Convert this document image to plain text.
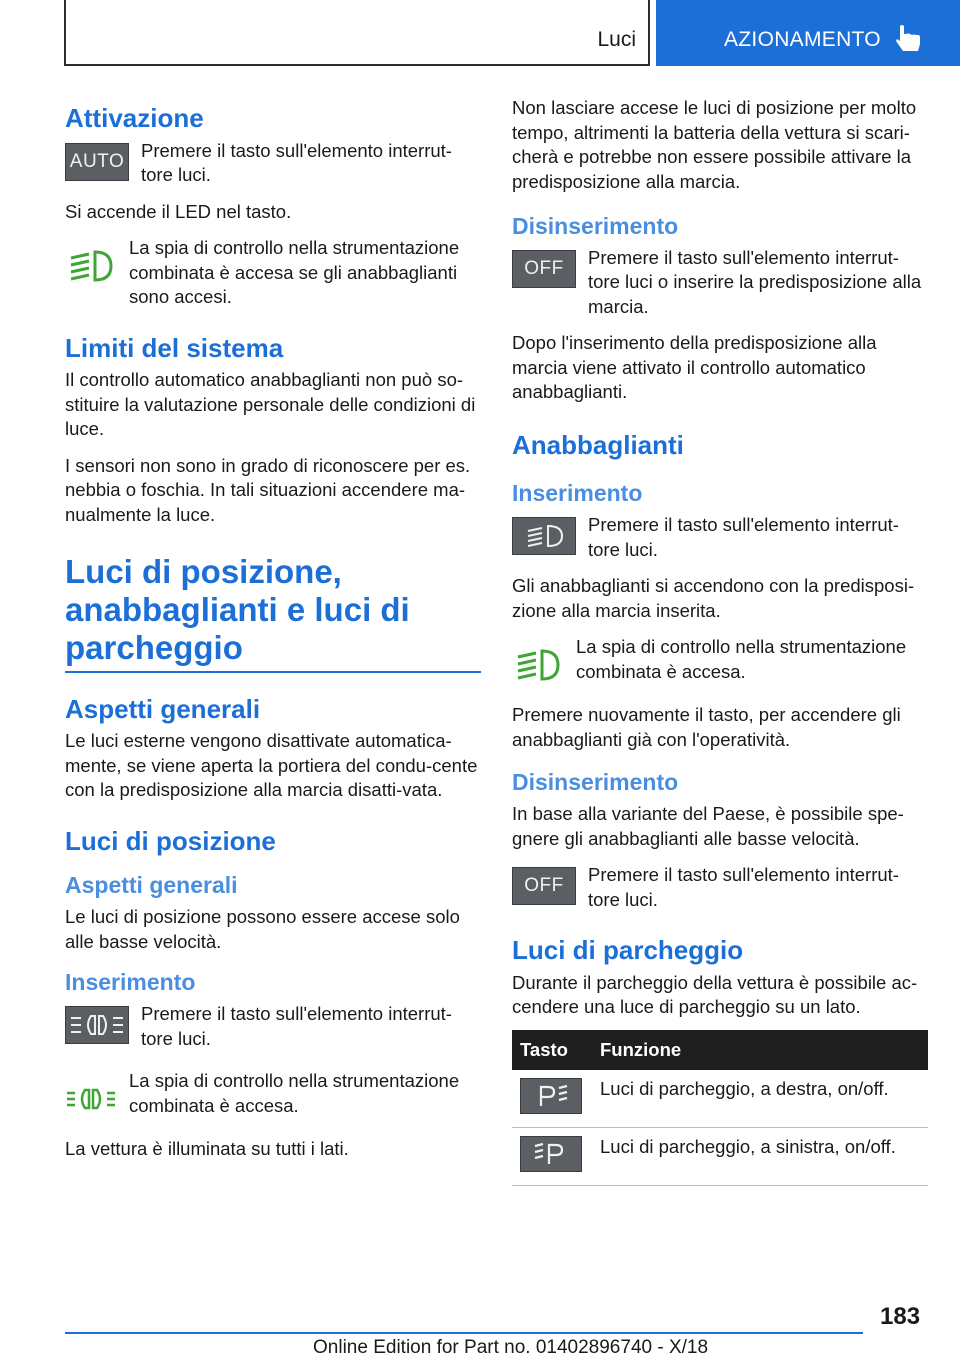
Luci	AZIONAMENTO
Attivazione
AUTO
Premere il tasto sull'elemento interrut-tore luci.

Si accende il LED nel tasto.

La spia di controllo nella strumentazione combinata è accesa se gli anabbaglianti sono accesi.
Limiti del sistema

Il controllo automatico anabbaglianti non può so-stituire la valutazione personale delle condizioni di luce.

I sensori non sono in grado di riconoscere per es. nebbia o foschia. In tali situazioni accendere ma-nualmente la luce.

Luci di posizione,
anabbaglianti e luci di
parcheggio
Aspetti generali

Le luci esterne vengono disattivate automatica-mente, se viene aperta la portiera del condu-cente con la predisposizione alla marcia disatti-vata.

Luci di posizione
Aspetti generali

Le luci di posizione possono essere accese solo alle basse velocità.

Inserimento
Premere il tasto sull'elemento interrut-tore luci.
La spia di controllo nella strumentazione combinata è accesa.

La vettura è illuminata su tutti i lati.

Non lasciare accese le luci di posizione per molto tempo, altrimenti la batteria della vettura si scari-cherà e potrebbe non essere possibile attivare la predisposizione alla marcia.

Disinserimento
OFF
Premere il tasto sull'elemento interrut-tore luci o inserire la predisposizione alla marcia.

Dopo l'inserimento della predisposizione alla marcia viene attivato il controllo automatico anabbaglianti.

Anabbaglianti
Inserimento
Premere il tasto sull'elemento interrut-tore luci.

Gli anabbaglianti si accendono con la predisposi-zione alla marcia inserita.

La spia di controllo nella strumentazione combinata è accesa.

Premere nuovamente il tasto, per accendere gli anabbaglianti già con l'operatività.

Disinserimento

In base alla variante del Paese, è possibile spe-gnere gli anabbaglianti alle basse velocità.

OFF
Premere il tasto sull'elemento interrut-tore luci.
Luci di parcheggio

Durante il parcheggio della vettura è possibile ac-cendere una luce di parcheggio su un lato.

Tasto	Funzione

	Luci di parcheggio, a destra, on/off.

	Luci di parcheggio, a sinistra, on/off.
183
Online Edition for Part no. 01402896740 - X/18
